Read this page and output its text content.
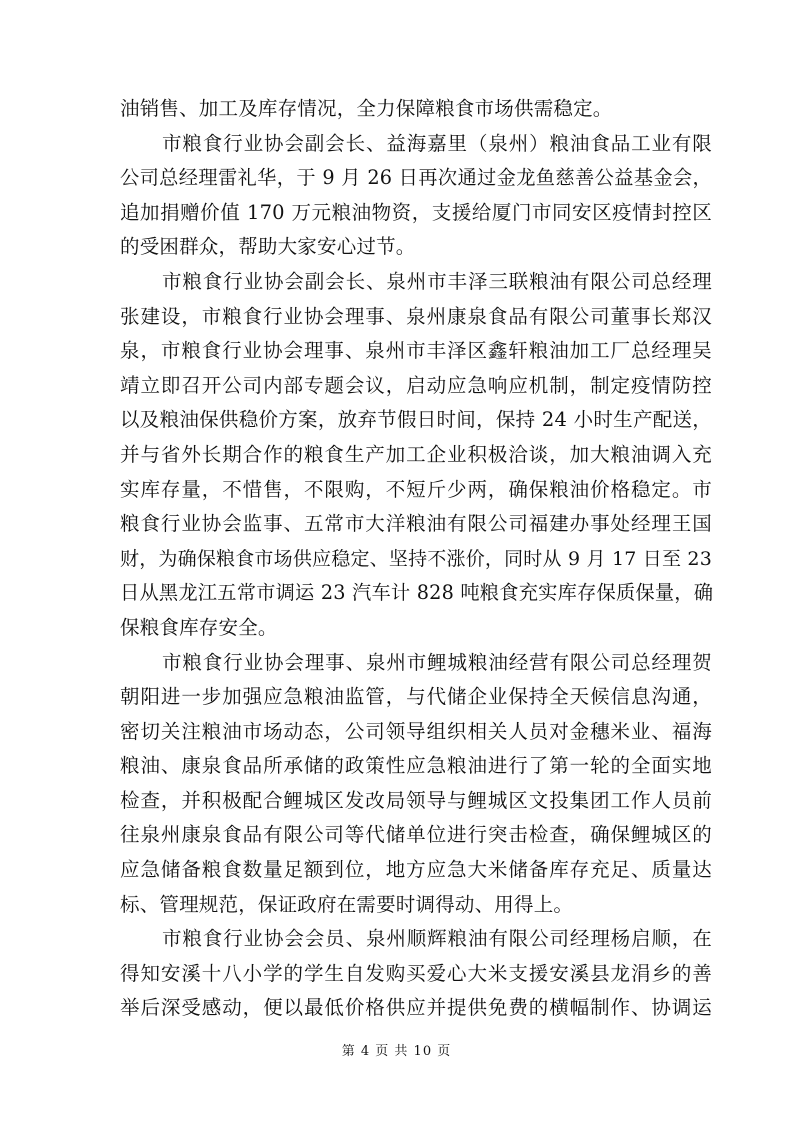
油销售、加工及库存情况，全力保障粮食市场供需稳定。
市粮食行业协会副会长、益海嘉里（泉州）粮油食品工业有限
公司总经理雷礼华，于 9 月 26 日再次通过金龙鱼慈善公益基金会，
追加捐赠价值 170 万元粮油物资，支援给厦门市同安区疫情封控区
的受困群众，帮助大家安心过节。
市粮食行业协会副会长、泉州市丰泽三联粮油有限公司总经理
张建设，市粮食行业协会理事、泉州康泉食品有限公司董事长郑汉
泉，市粮食行业协会理事、泉州市丰泽区鑫轩粮油加工厂总经理吴
靖立即召开公司内部专题会议，启动应急响应机制，制定疫情防控
以及粮油保供稳价方案，放弃节假日时间，保持 24 小时生产配送，
并与省外长期合作的粮食生产加工企业积极洽谈，加大粮油调入充
实库存量，不惜售，不限购，不短斤少两，确保粮油价格稳定。市
粮食行业协会监事、五常市大洋粮油有限公司福建办事处经理王国
财，为确保粮食市场供应稳定、坚持不涨价，同时从 9 月 17 日至 23
日从黑龙江五常市调运 23 汽车计 828 吨粮食充实库存保质保量，确
保粮食库存安全。
市粮食行业协会理事、泉州市鲤城粮油经营有限公司总经理贺
朝阳进一步加强应急粮油监管，与代储企业保持全天候信息沟通，
密切关注粮油市场动态，公司领导组织相关人员对金穗米业、福海
粮油、康泉食品所承储的政策性应急粮油进行了第一轮的全面实地
检查，并积极配合鲤城区发改局领导与鲤城区文投集团工作人员前
往泉州康泉食品有限公司等代储单位进行突击检查，确保鲤城区的
应急储备粮食数量足额到位，地方应急大米储备库存充足、质量达
标、管理规范，保证政府在需要时调得动、用得上。
市粮食行业协会会员、泉州顺辉粮油有限公司经理杨启顺，在
得知安溪十八小学的学生自发购买爱心大米支援安溪县龙涓乡的善
举后深受感动，便以最低价格供应并提供免费的横幅制作、协调运
第 4 页 共 10 页
